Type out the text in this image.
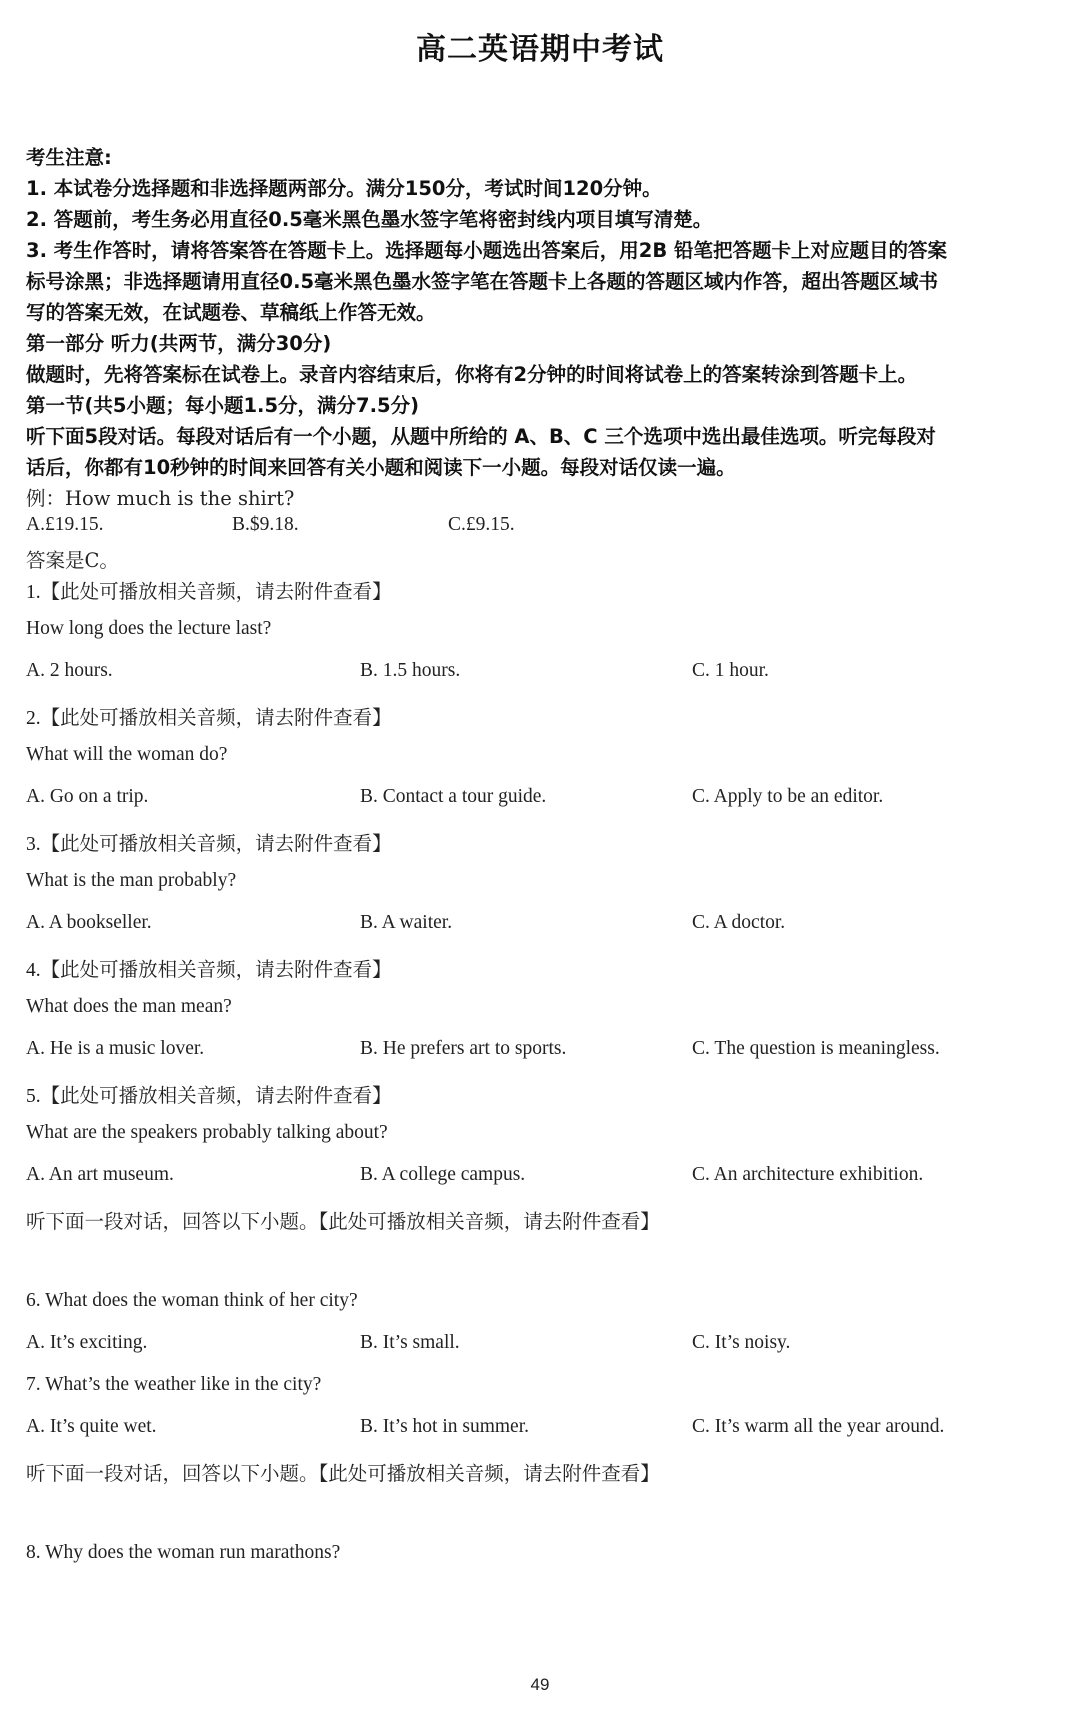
高二英语期中考试
考生注意:
1. 本试卷分选择题和非选择题两部分。满分150分，考试时间120分钟。
2. 答题前，考生务必用直径0.5毫米黑色墨水签字笔将密封线内项目填写清楚。
3. 考生作答时，请将答案答在答题卡上。选择题每小题选出答案后，用2B 铅笔把答题卡上对应题目的答案
标号涂黑；非选择题请用直径0.5毫米黑色墨水签字笔在答题卡上各题的答题区域内作答，超出答题区域书
写的答案无效，在试题卷、草稿纸上作答无效。
第一部分 听力(共两节，满分30分)
做题时，先将答案标在试卷上。录音内容结束后，你将有2分钟的时间将试卷上的答案转涂到答题卡上。
第一节(共5小题；每小题1.5分，满分7.5分)
听下面5段对话。每段对话后有一个小题，从题中所给的 A、B、C 三个选项中选出最佳选项。听完每段对
话后，你都有10秒钟的时间来回答有关小题和阅读下一小题。每段对话仅读一遍。
例：How much is the shirt?
A.£19.15.	B.$9.18.	C.£9.15.
答案是C。
1.【此处可播放相关音频，请去附件查看】
How long does the lecture last?
A. 2 hours.	B. 1.5 hours.	C. 1 hour.
2.【此处可播放相关音频，请去附件查看】
What will the woman do?
A. Go on a trip.	B. Contact a tour guide.	C. Apply to be an editor.
3.【此处可播放相关音频，请去附件查看】
What is the man probably?
A. A bookseller.	B. A waiter.	C. A doctor.
4.【此处可播放相关音频，请去附件查看】
What does the man mean?
A. He is a music lover.	B. He prefers art to sports.	C. The question is meaningless.
5.【此处可播放相关音频，请去附件查看】
What are the speakers probably talking about?
A. An art museum.	B. A college campus.	C. An architecture exhibition.
听下面一段对话，回答以下小题。【此处可播放相关音频，请去附件查看】
6. What does the woman think of her city?
A. It’s exciting.	B. It’s small.	C. It’s noisy.
7. What’s the weather like in the city?
A. It’s quite wet.	B. It’s hot in summer.	C. It’s warm all the year around.
听下面一段对话，回答以下小题。【此处可播放相关音频，请去附件查看】
8. Why does the woman run marathons?
49
